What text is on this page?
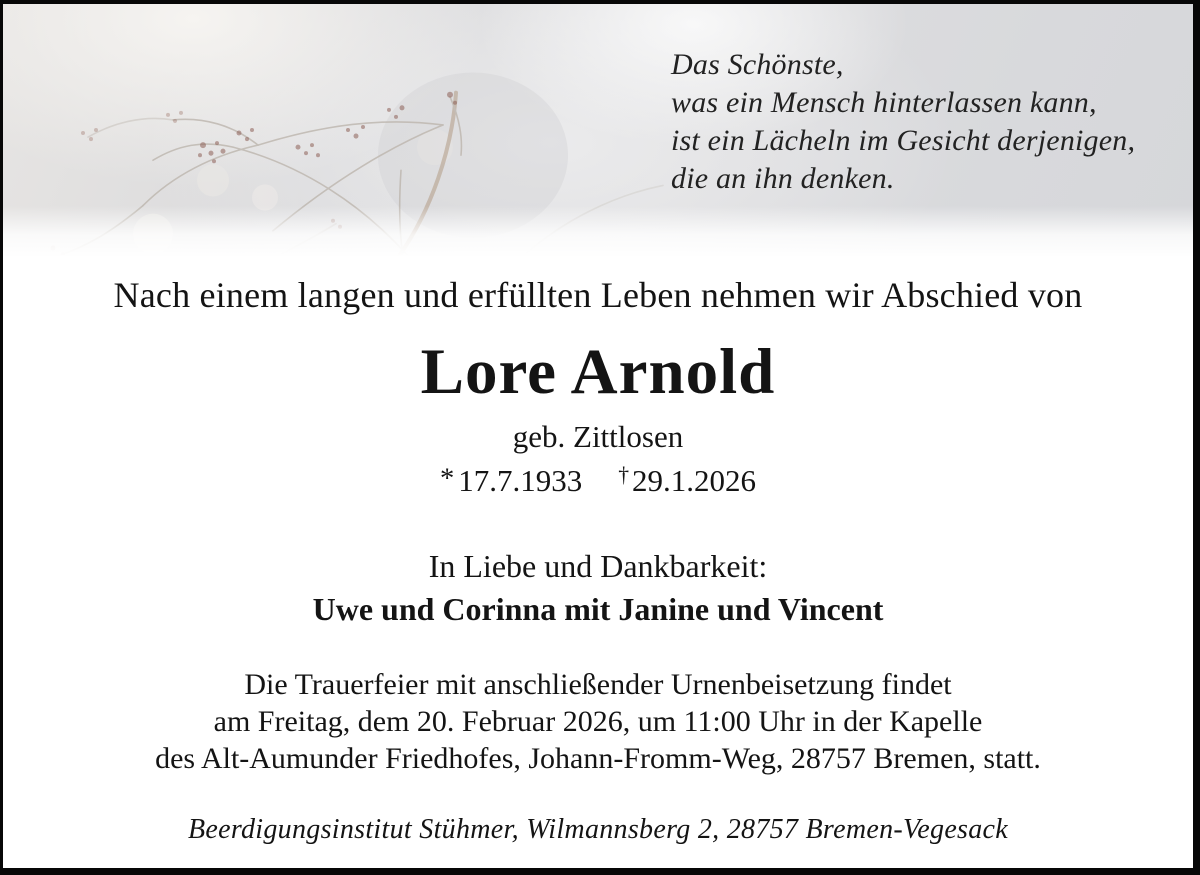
Das Schönste,
was ein Mensch hinterlassen kann,
ist ein Lächeln im Gesicht derjenigen,
die an ihn denken.
Nach einem langen und erfüllten Leben nehmen wir Abschied von
Lore Arnold
geb. Zittlosen
*17.7.1933 †29.1.2026
In Liebe und Dankbarkeit:
Uwe und Corinna mit Janine und Vincent
Die Trauerfeier mit anschließender Urnenbeisetzung findet
am Freitag, dem 20. Februar 2026, um 11:00 Uhr in der Kapelle
des Alt-Aumunder Friedhofes, Johann-Fromm-Weg, 28757 Bremen, statt.
Beerdigungsinstitut Stühmer, Wilmannsberg 2, 28757 Bremen-Vegesack
